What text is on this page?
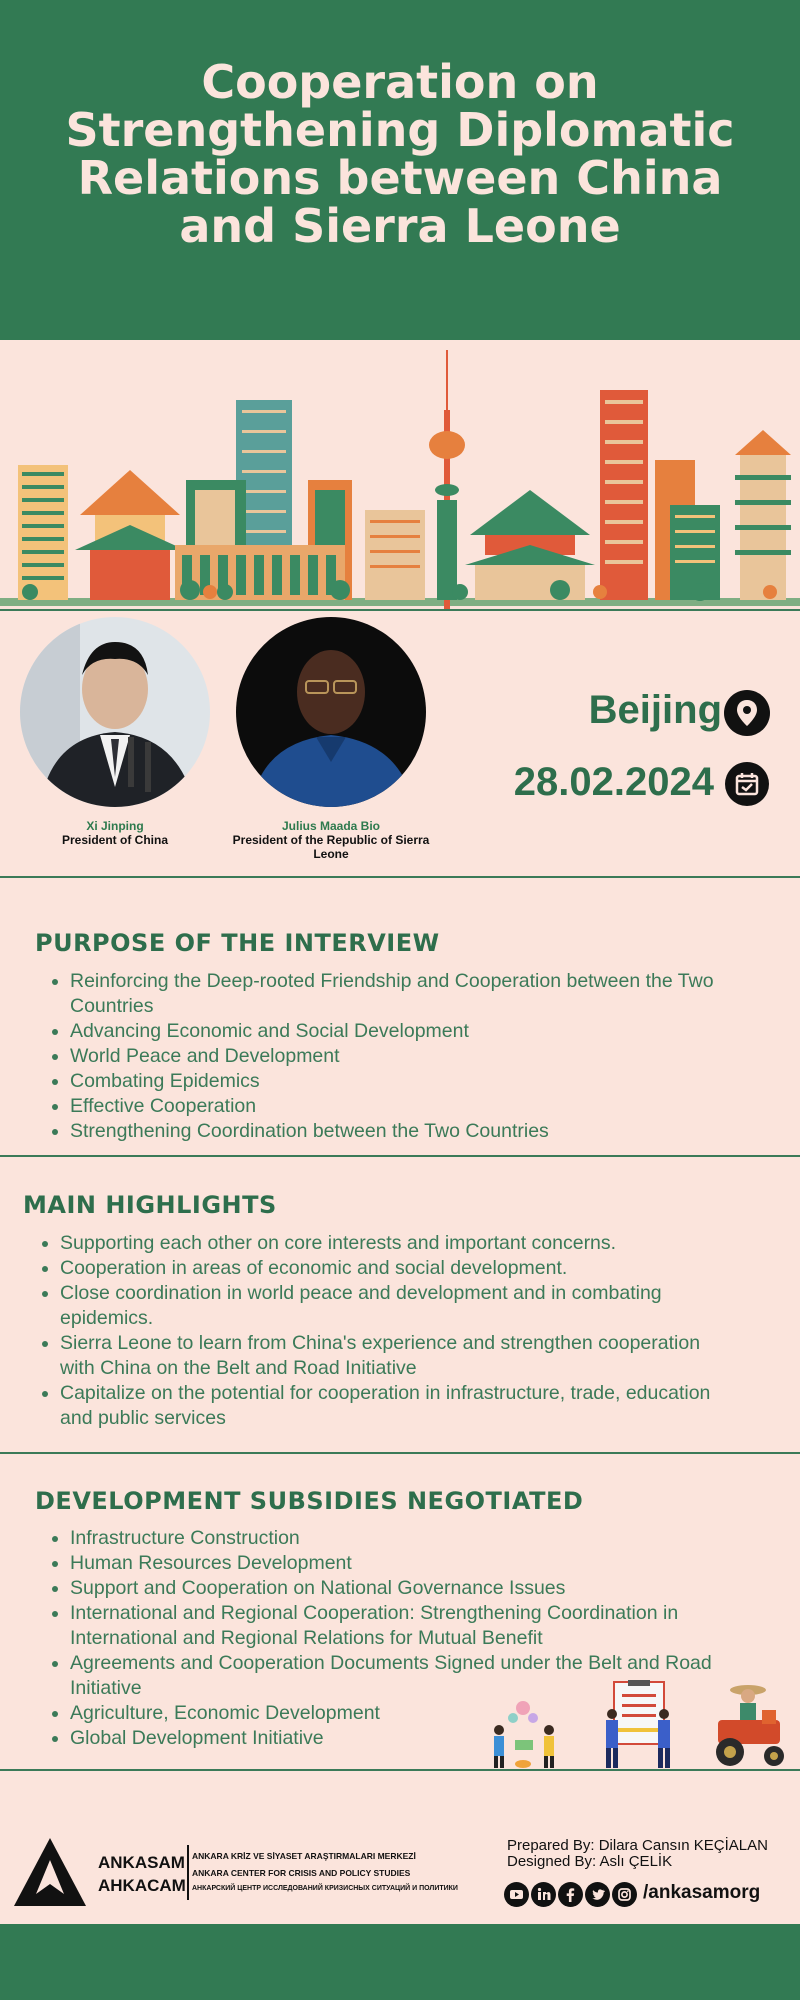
Cooperation on Strengthening Diplomatic Relations between China and Sierra Leone
Xi Jinping
President of China
Julius Maada Bio
President of the Republic of Sierra Leone
Beijing
28.02.2024
PURPOSE OF THE INTERVIEW
• Reinforcing the Deep-rooted Friendship and Cooperation between the Two Countries
• Advancing Economic and Social Development
• World Peace and Development
• Combating Epidemics
• Effective Cooperation
• Strengthening Coordination between the Two Countries
MAIN HIGHLIGHTS
• Supporting each other on core interests and important concerns.
• Cooperation in areas of economic and social development.
• Close coordination in world peace and development and in combating epidemics.
• Sierra Leone to learn from China's experience and strengthen cooperation with China on the Belt and Road Initiative
• Capitalize on the potential for cooperation in infrastructure, trade, education and public services
DEVELOPMENT SUBSIDIES NEGOTIATED
• Infrastructure Construction
• Human Resources Development
• Support and Cooperation on National Governance Issues
• International and Regional Cooperation: Strengthening Coordination in International and Regional Relations for Mutual Benefit
• Agreements and Cooperation Documents Signed under the Belt and Road Initiative
• Agriculture, Economic Development
• Global Development Initiative
ANKASAM
AHKACAM
ANKARA KRİZ VE SİYASET ARAŞTIRMALARI MERKEZİ
ANKARA CENTER FOR CRISIS AND POLICY STUDIES
АНКАРСКИЙ ЦЕНТР ИССЛЕДОВАНИЙ КРИЗИСНЫХ СИТУАЦИЙ И ПОЛИТИКИ
Prepared By: Dilara Cansın KEÇİALAN
Designed By: Aslı ÇELİK
/ankasamorg
